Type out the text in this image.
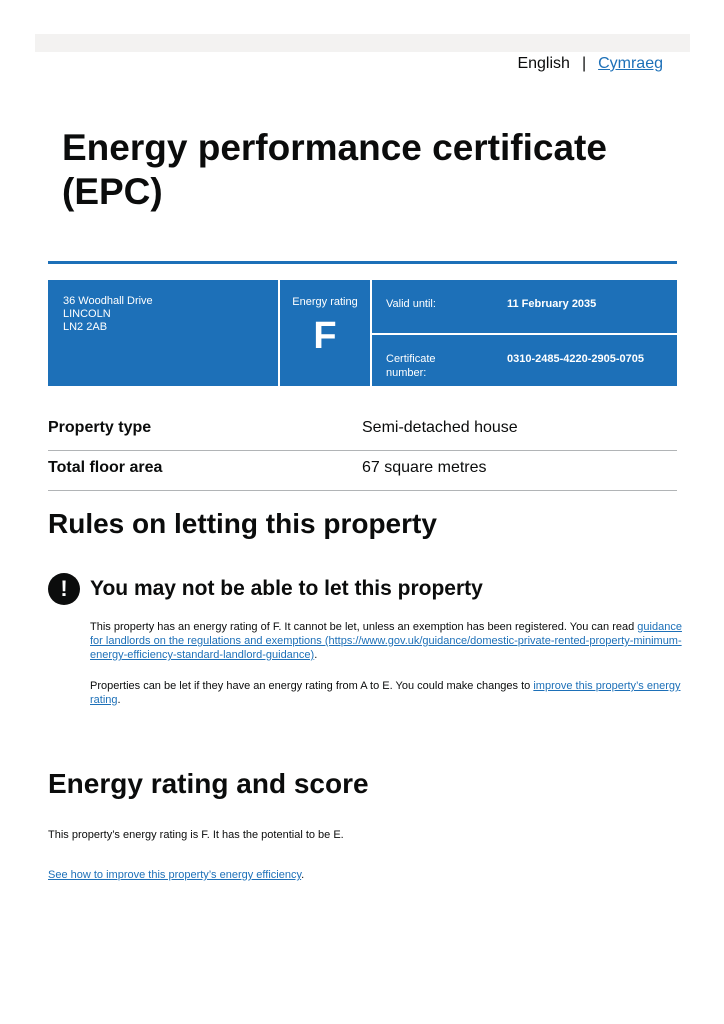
English | Cymraeg
Energy performance certificate (EPC)
36 Woodhall Drive
LINCOLN
LN2 2AB
Energy rating
F
Valid until:	11 February 2035
Certificate number:
0310-2485-4220-2905-0705
Property type	Semi-detached house
Total floor area	67 square metres
Rules on letting this property
!	You may not be able to let this property

This property has an energy rating of F. It cannot be let, unless an exemption has been registered. You can read guidance for landlords on the regulations and exemptions (https://www.gov.uk/guidance/domestic-private-rented-property-minimum-energy-efficiency-standard-landlord-guidance).

Properties can be let if they have an energy rating from A to E. You could make changes to improve this property’s energy rating.

Energy rating and score

This property’s energy rating is F. It has the potential to be E.

See how to improve this property’s energy efficiency.
